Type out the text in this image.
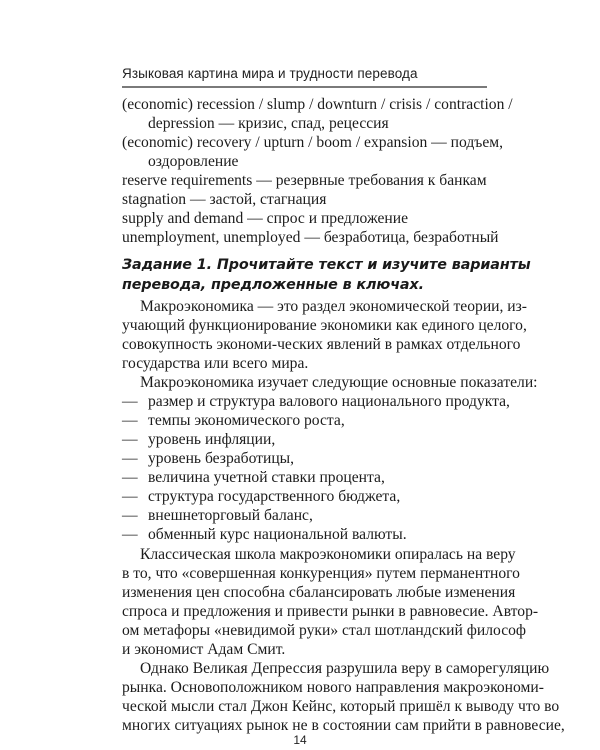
Языковая картина мира и трудности перевода
(economic) recession / slump / downturn / crisis / contraction /
depression — кризис, спад, рецессия
(economic) recovery / upturn / boom / expansion — подъем,
оздоровление
reserve requirements — резервные требования к банкам
stagnation — застой, стагнация
supply and demand — спрос и предложение
unemployment, unemployed — безработица, безработный
Задание 1. Прочитайте текст и изучите варианты
перевода, предложенные в ключах.
Макроэкономика — это раздел экономической теории, из-
учающий функционирование экономики как единого целого,
совокупность экономи-ческих явлений в рамках отдельного
государства или всего мира.
Макроэкономика изучает следующие основные показатели:
— размер и структура валового национального продукта,
— темпы экономического роста,
— уровень инфляции,
— уровень безработицы,
— величина учетной ставки процента,
— структура государственного бюджета,
— внешнеторговый баланс,
— обменный курс национальной валюты.
Классическая школа макроэкономики опиралась на веру
в то, что «совершенная конкуренция» путем перманентного
изменения цен способна сбалансировать любые изменения
спроса и предложения и привести рынки в равновесие. Автор-
ом метафоры «невидимой руки» стал шотландский философ
и экономист Адам Смит.
Однако Великая Депрессия разрушила веру в саморегуляцию
рынка. Основоположником нового направления макроэкономи-
ческой мысли стал Джон Кейнс, который пришёл к выводу что во
многих ситуациях рынок не в состоянии сам прийти в равновесие,
14
